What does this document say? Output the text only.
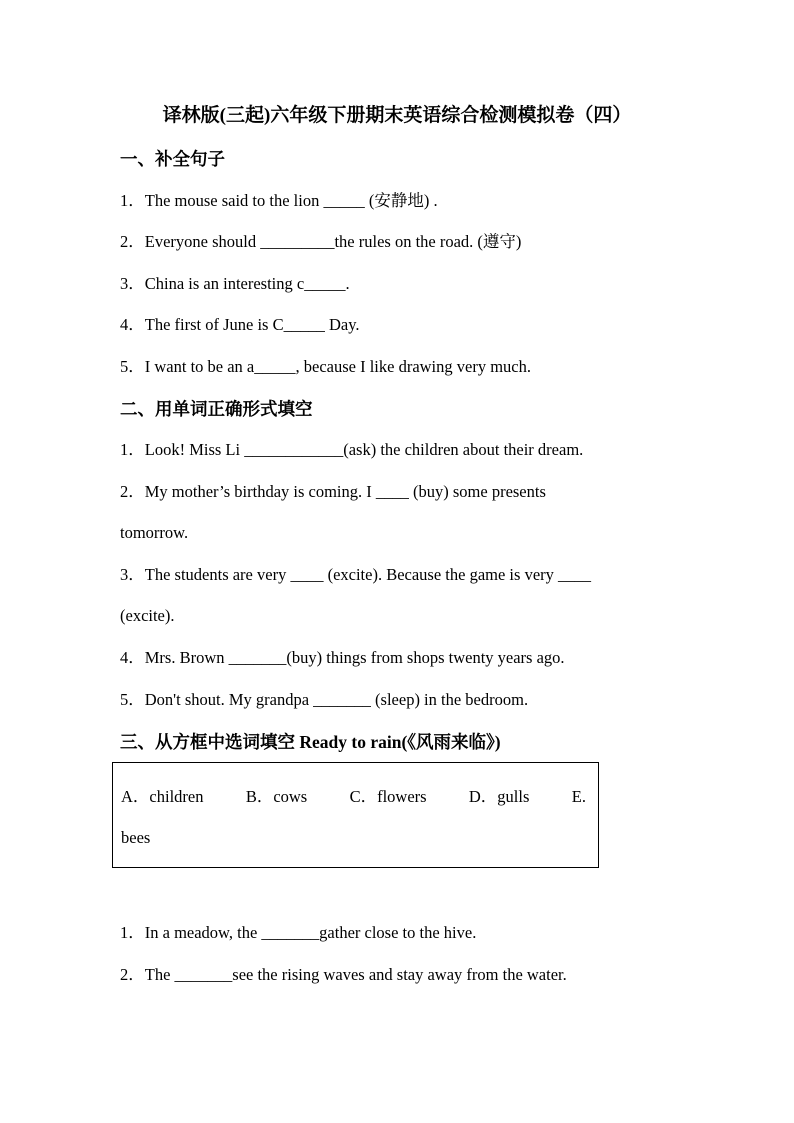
译林版(三起)六年级下册期末英语综合检测模拟卷（四）
一、补全句子
1．The mouse said to the lion _____ (安静地) .
2．Everyone should _________the rules on the road. (遵守)
3．China is an interesting c_____.
4．The first of June is C_____ Day.
5．I want to be an a_____, because I like drawing very much.
二、用单词正确形式填空
1．Look! Miss Li ____________(ask) the children about their dream.
2．My mother’s birthday is coming. I ____ (buy) some presents
tomorrow.
3．The students are very ____ (excite). Because the game is very ____
(excite).
4．Mrs. Brown _______(buy) things from shops twenty years ago.
5．Don't shout. My grandpa _______ (sleep) in the bedroom.
三、从方框中选词填空 Ready to rain(《风雨来临》)
A．children	B．cows	C．flowers	D．gulls	E.
bees
1．In a meadow, the _______gather close to the hive.
2．The _______see the rising waves and stay away from the water.
